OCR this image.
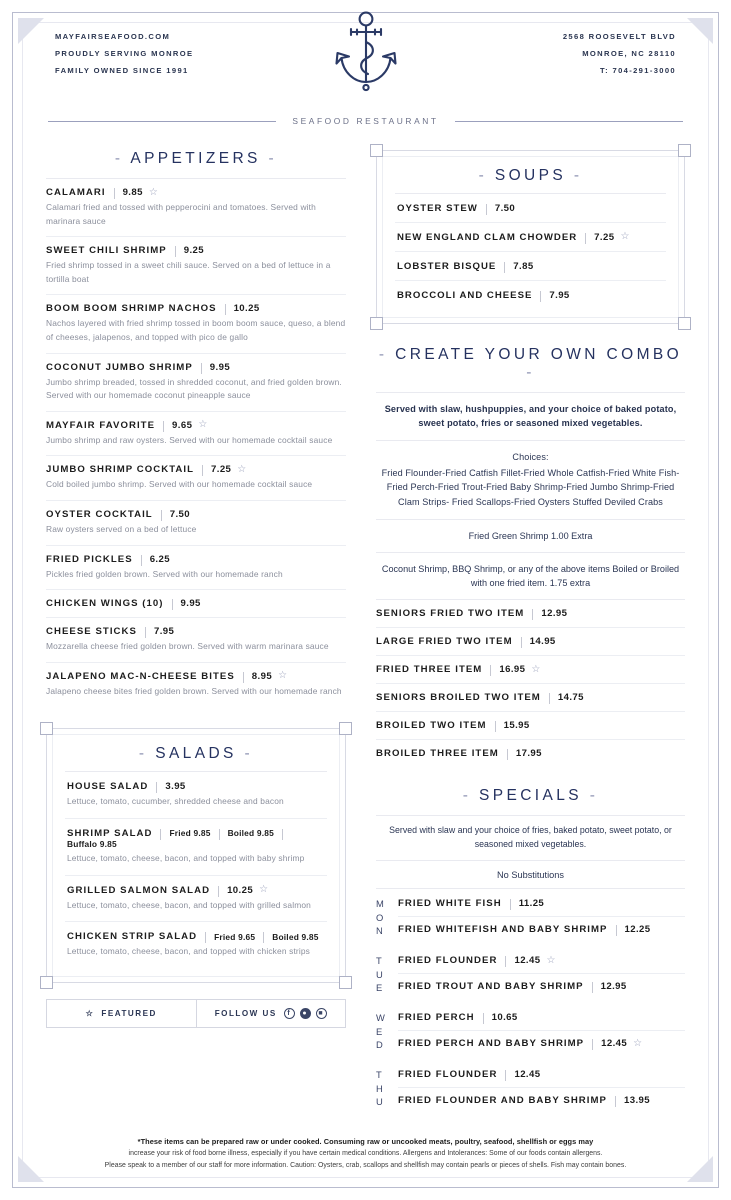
MAYFAIRSEAFOOD.COM
PROUDLY SERVING MONROE
FAMILY OWNED SINCE 1991
2568 ROOSEVELT BLVD
MONROE, NC 28110
T: 704-291-3000
SEAFOOD RESTAURANT
- APPETIZERS -
CALAMARI 9.85 ☆
Calamari fried and tossed with pepperocini and tomatoes. Served with marinara sauce
SWEET CHILI SHRIMP 9.25
Fried shrimp tossed in a sweet chili sauce. Served on a bed of lettuce in a tortilla boat
BOOM BOOM SHRIMP NACHOS 10.25
Nachos layered with fried shrimp tossed in boom boom sauce, queso, a blend of cheeses, jalapenos, and topped with pico de gallo
COCONUT JUMBO SHRIMP 9.95
Jumbo shrimp breaded, tossed in shredded coconut, and fried golden brown. Served with our homemade coconut pineapple sauce
MAYFAIR FAVORITE 9.65 ☆
Jumbo shrimp and raw oysters. Served with our homemade cocktail sauce
JUMBO SHRIMP COCKTAIL 7.25 ☆
Cold boiled jumbo shrimp. Served with our homemade cocktail sauce
OYSTER COCKTAIL 7.50
Raw oysters served on a bed of lettuce
FRIED PICKLES 6.25
Pickles fried golden brown. Served with our homemade ranch
CHICKEN WINGS (10) 9.95
CHEESE STICKS 7.95
Mozzarella cheese fried golden brown. Served with warm marinara sauce
JALAPENO MAC-N-CHEESE BITES 8.95 ☆
Jalapeno cheese bites fried golden brown. Served with our homemade ranch
- SALADS -
HOUSE SALAD 3.95
Lettuce, tomato, cucumber, shredded cheese and bacon
SHRIMP SALAD Fried 9.85 Boiled 9.85
Buffalo 9.85
Lettuce, tomato, cheese, bacon, and topped with baby shrimp
GRILLED SALMON SALAD 10.25 ☆
Lettuce, tomato, cheese, bacon, and topped with grilled salmon
CHICKEN STRIP SALAD Fried 9.65 Boiled 9.85
Lettuce, tomato, cheese, bacon, and topped with chicken strips
☆ FEATURED	FOLLOW US	f	●	■
- SOUPS -
OYSTER STEW 7.50
NEW ENGLAND CLAM CHOWDER 7.25 ☆
LOBSTER BISQUE 7.85
BROCCOLI AND CHEESE 7.95
- CREATE YOUR OWN COMBO -
Served with slaw, hushpuppies, and your choice of baked potato, sweet potato, fries or seasoned mixed vegetables.
Choices:
Fried Flounder-Fried Catfish Fillet-Fried Whole Catfish-Fried White Fish- Fried Perch-Fried Trout-Fried Baby Shrimp-Fried Jumbo Shrimp-Fried Clam Strips- Fried Scallops-Fried Oysters Stuffed Deviled Crabs
Fried Green Shrimp 1.00 Extra
Coconut Shrimp, BBQ Shrimp, or any of the above items Boiled or Broiled with one fried item. 1.75 extra
SENIORS FRIED TWO ITEM 12.95
LARGE FRIED TWO ITEM 14.95
FRIED THREE ITEM 16.95 ☆
SENIORS BROILED TWO ITEM 14.75
BROILED TWO ITEM 15.95
BROILED THREE ITEM 17.95
- SPECIALS -
Served with slaw and your choice of fries, baked potato, sweet potato, or seasoned mixed vegetables.
No Substitutions
M
O
N
FRIED WHITE FISH 11.25
FRIED WHITEFISH AND BABY SHRIMP 12.25
T
U
E
FRIED FLOUNDER 12.45 ☆
FRIED TROUT AND BABY SHRIMP 12.95
W
E
D
FRIED PERCH 10.65
FRIED PERCH AND BABY SHRIMP 12.45 ☆
T
H
U
FRIED FLOUNDER 12.45
FRIED FLOUNDER AND BABY SHRIMP 13.95
*These items can be prepared raw or under cooked. Consuming raw or uncooked meats, poultry, seafood, shellfish or eggs may
increase your risk of food borne illness, especially if you have certain medical conditions. Allergens and Intolerances: Some of our foods contain allergens.
Please speak to a member of our staff for more information. Caution: Oysters, crab, scallops and shellfish may contain pearls or pieces of shells. Fish may contain bones.
